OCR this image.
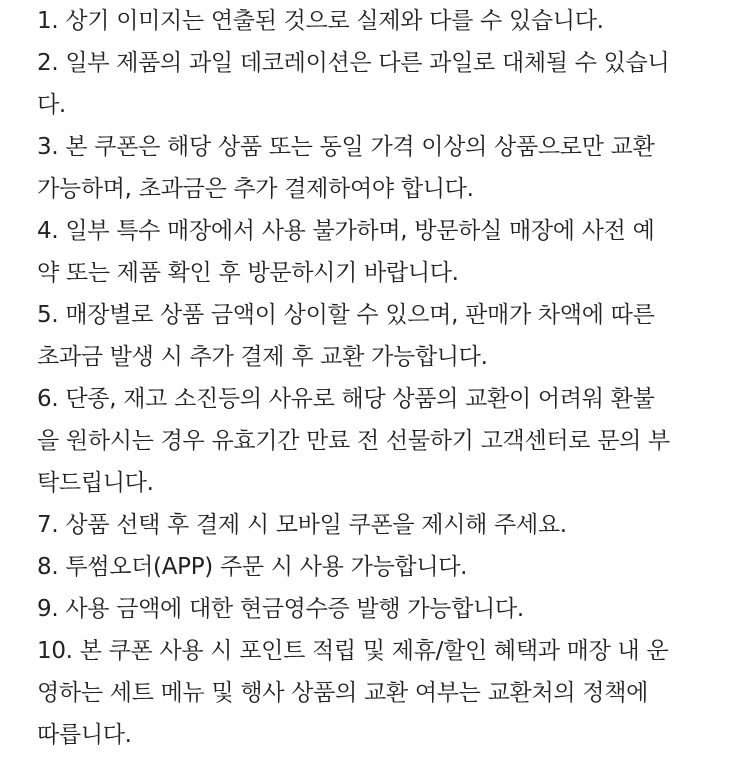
1. 상기 이미지는 연출된 것으로 실제와 다를 수 있습니다.
2. 일부 제품의 과일 데코레이션은 다른 과일로 대체될 수 있습니
다.
3. 본 쿠폰은 해당 상품 또는 동일 가격 이상의 상품으로만 교환
가능하며, 초과금은 추가 결제하여야 합니다.
4. 일부 특수 매장에서 사용 불가하며, 방문하실 매장에 사전 예
약 또는 제품 확인 후 방문하시기 바랍니다.
5. 매장별로 상품 금액이 상이할 수 있으며, 판매가 차액에 따른
초과금 발생 시 추가 결제 후 교환 가능합니다.
6. 단종, 재고 소진등의 사유로 해당 상품의 교환이 어려워 환불
을 원하시는 경우 유효기간 만료 전 선물하기 고객센터로 문의 부
탁드립니다.
7. 상품 선택 후 결제 시 모바일 쿠폰을 제시해 주세요.
8. 투썸오더(APP) 주문 시 사용 가능합니다.
9. 사용 금액에 대한 현금영수증 발행 가능합니다.
10. 본 쿠폰 사용 시 포인트 적립 및 제휴/할인 혜택과 매장 내 운
영하는 세트 메뉴 및 행사 상품의 교환 여부는 교환처의 정책에
따릅니다.
